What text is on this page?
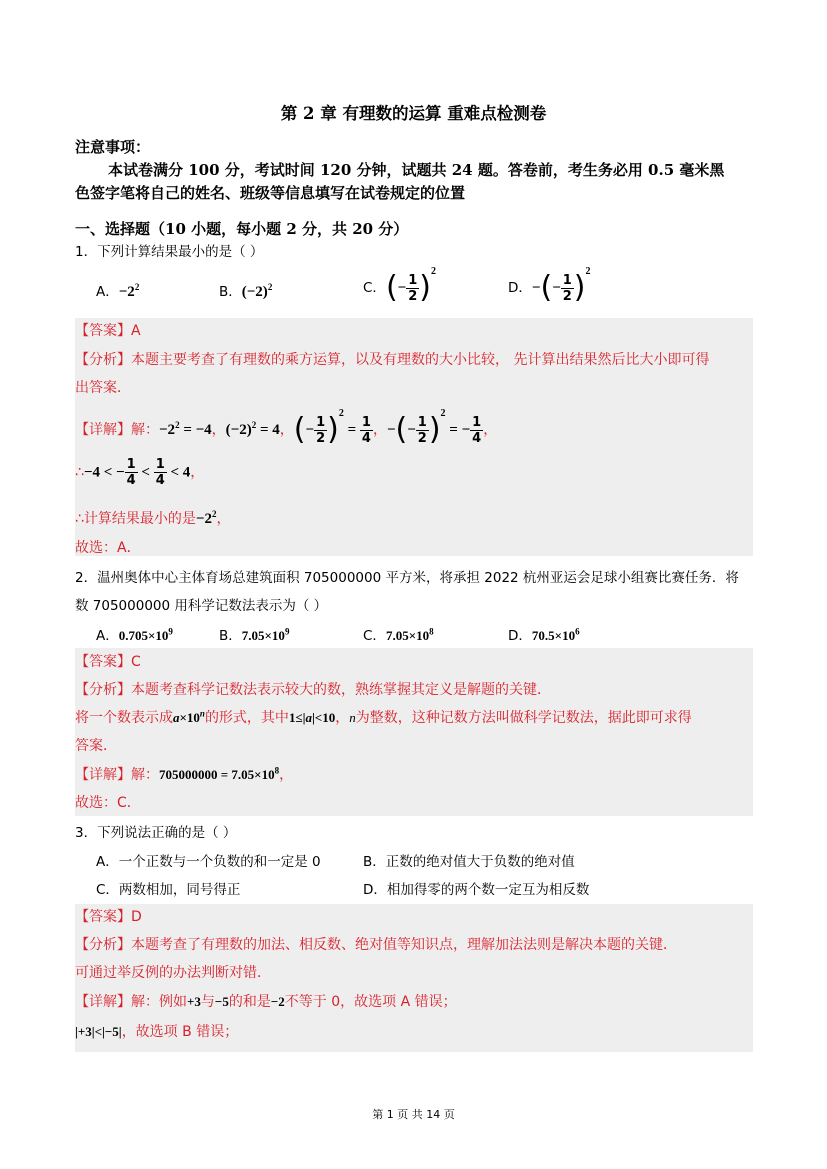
第 2 章 有理数的运算 重难点检测卷
注意事项：
本试卷满分 100 分，考试时间 120 分钟，试题共 24 题。答卷前，考生务必用 0.5 毫米黑
色签字笔将自己的姓名、班级等信息填写在试卷规定的位置
一、选择题（10 小题，每小题 2 分，共 20 分）
1．下列计算结果最小的是（ ）
A．$-2^2$	B．$(-2)^2$	C．(− $\frac{1}{2} )^2$
D．−(− $\frac{1}{2} )^2$
【答案】A
【分析】本题主要考查了有理数的乘方运算，以及有理数的大小比较， 先计算出结果然后比大小即可得
出答案．
【详解】解：$-2^2 = -4$，$(-2)^2 = 4$，(− $\frac{1}{2} )^2 = \frac{1}{4}$ ，−(− $\frac{1}{2} )^2$ = − $\frac{1}{4}$ ，
∴−4 < − $\frac{1}{4} < \frac{1}{4} < 4$，
∴计算结果最小的是$-2^2$，
故选：A．
2．温州奥体中心主体育场总建筑面积 705000000 平方米，将承担 2022 杭州亚运会足球小组赛比赛任务．将
数 705000000 用科学记数法表示为（ ）
A．$0.705\times 10^9$	B．$7.05\times 10^9$	C．$7.05\times 10^8$	D．$70.5\times 10^6$
【答案】C
【分析】本题考查科学记数法表示较大的数，熟练掌握其定义是解题的关键．
将一个数表示成$a\times 10^n$的形式，其中1≤|a|<10，n为整数，这种记数方法叫做科学记数法，据此即可求得
答案．
【详解】解：$705000000 = 7.05\times 10^8$，
故选：C．
3．下列说法正确的是（ ）
A．一个正数与一个负数的和一定是 0	B．正数的绝对值大于负数的绝对值
C．两数相加，同号得正	D．相加得零的两个数一定互为相反数
【答案】D
【分析】本题考查了有理数的加法、相反数、绝对值等知识点，理解加法法则是解决本题的关键．
可通过举反例的办法判断对错．
【详解】解：例如+3与−5的和是−2不等于 0，故选项 A 错误；
|+3|<|−5|，故选项 B 错误；
第 1 页 共 14 页
